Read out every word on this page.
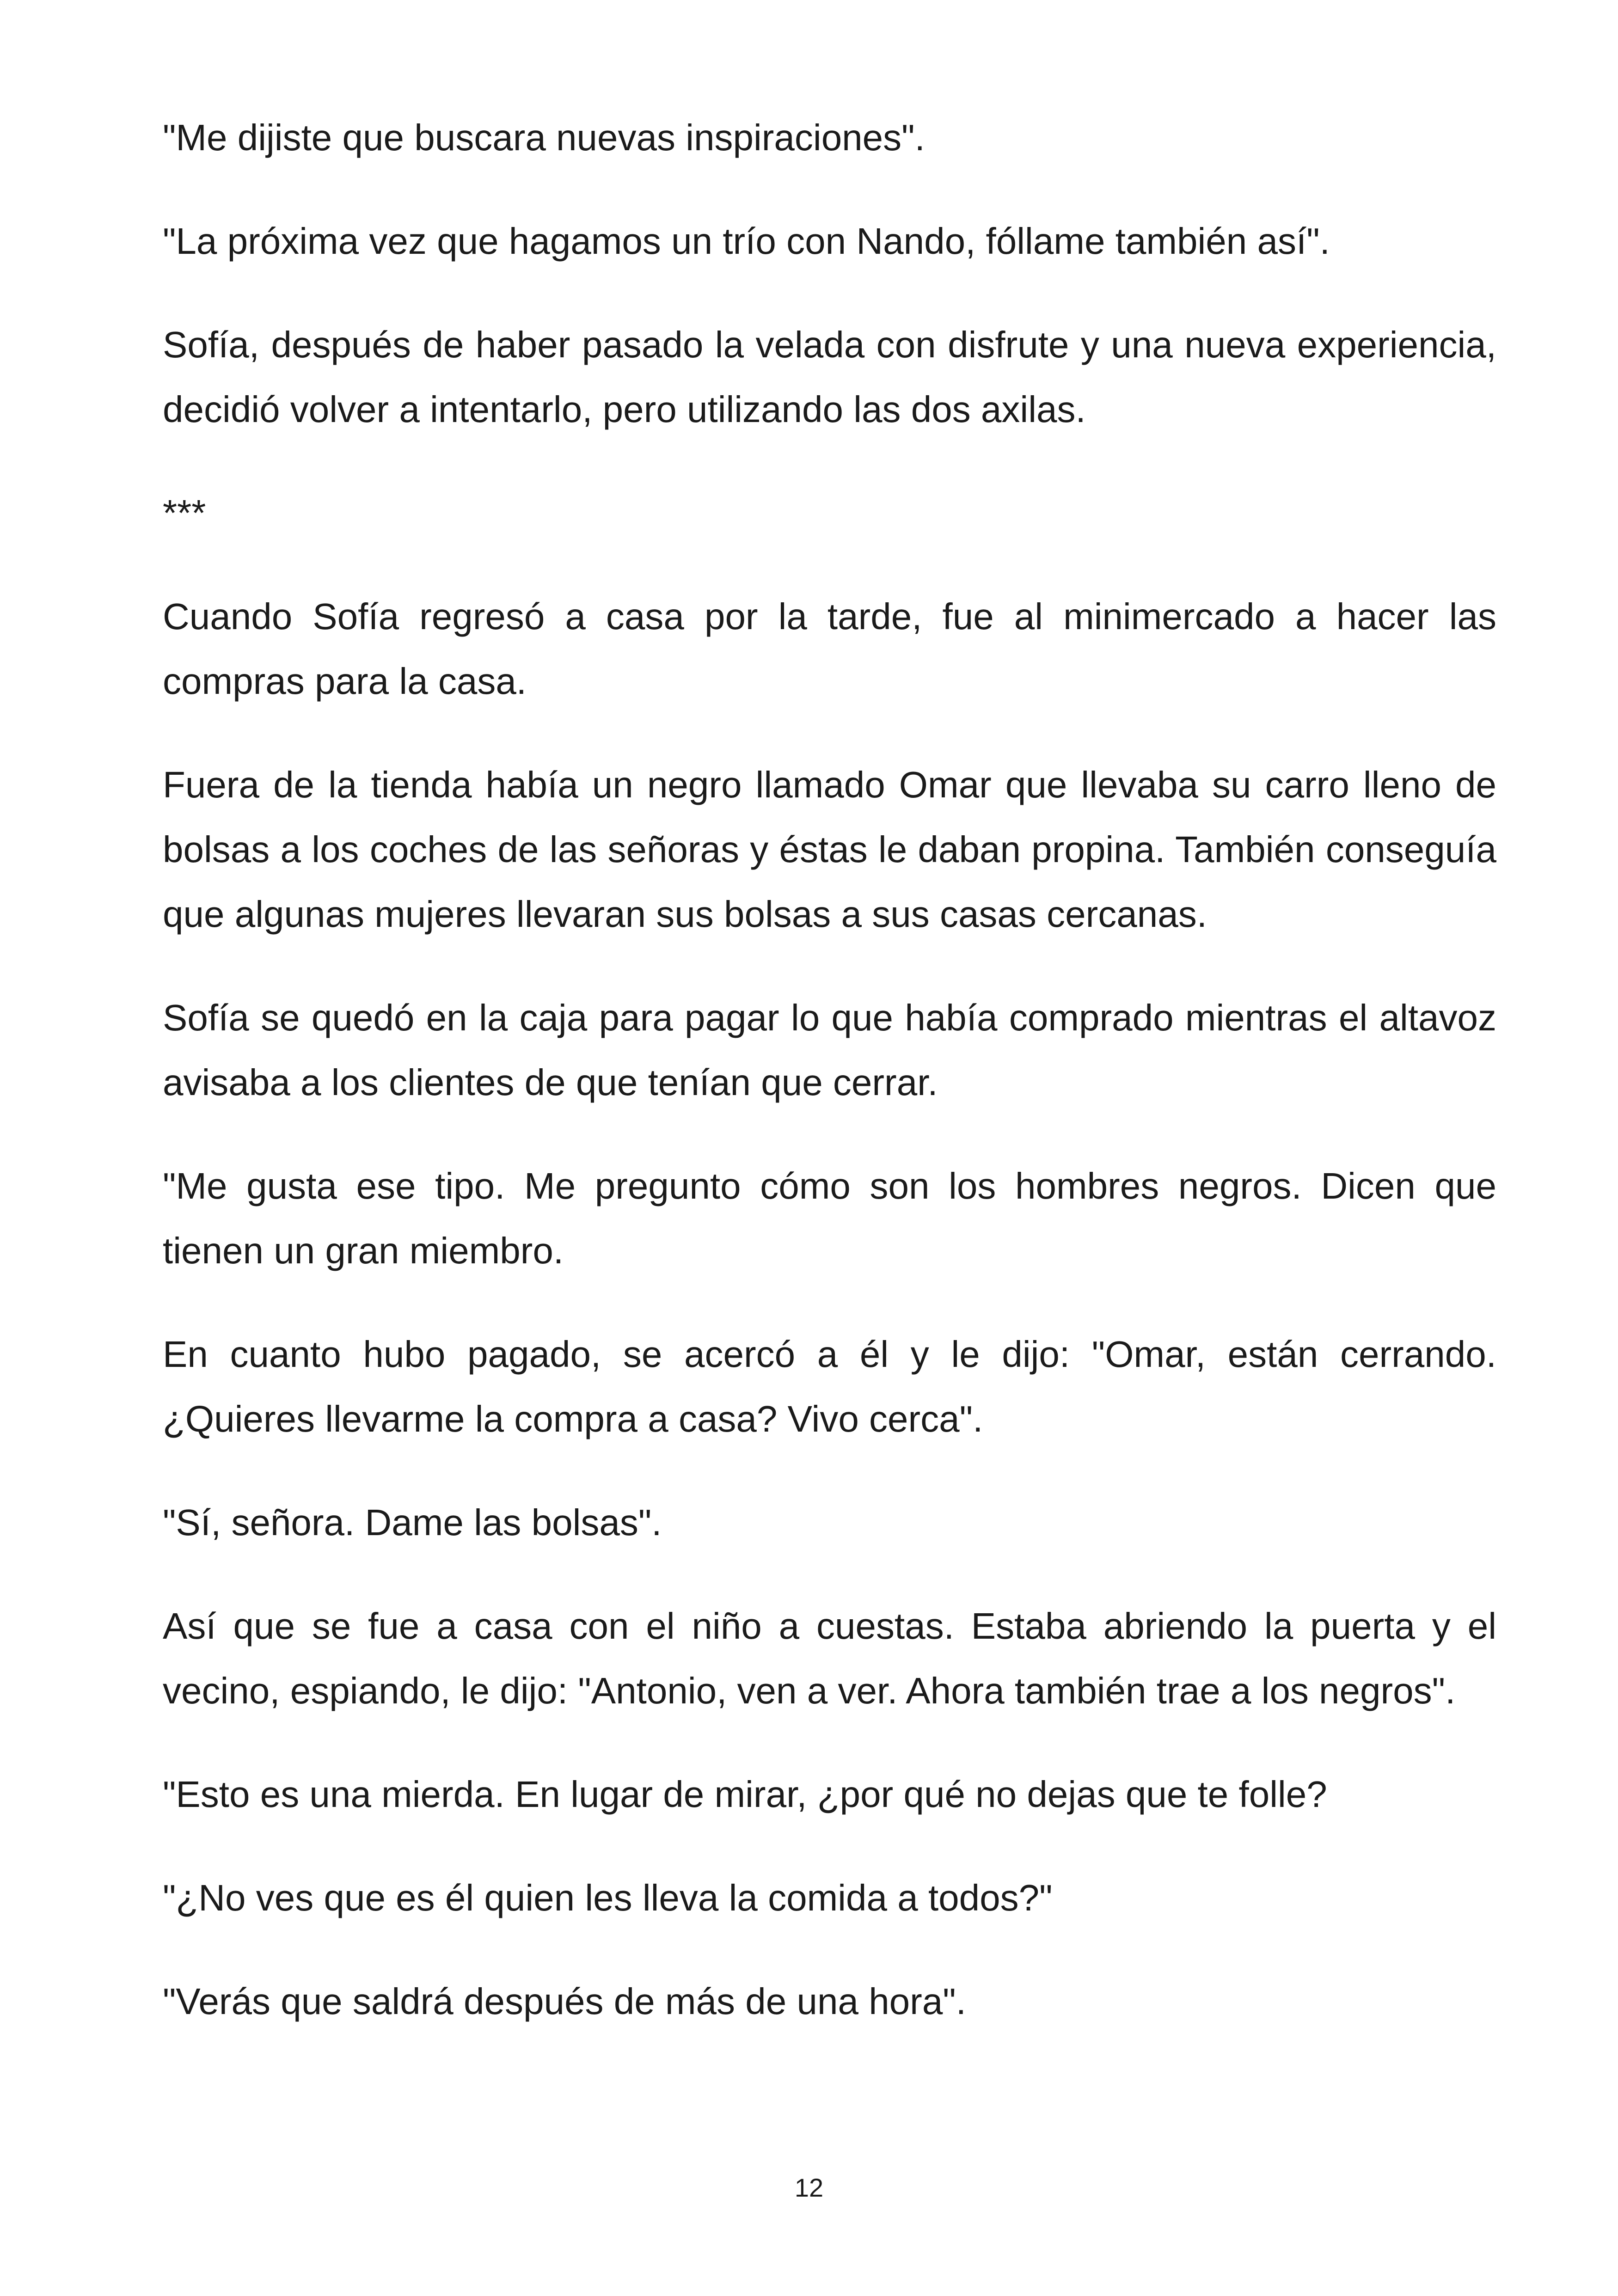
"Me dijiste que buscara nuevas inspiraciones".

"La próxima vez que hagamos un trío con Nando, fóllame también así".

Sofía, después de haber pasado la velada con disfrute y una nueva experiencia, decidió volver a intentarlo, pero utilizando las dos axilas.

***

Cuando Sofía regresó a casa por la tarde, fue al minimercado a hacer las compras para la casa.

Fuera de la tienda había un negro llamado Omar que llevaba su carro lleno de bolsas a los coches de las señoras y éstas le daban propina. También conseguía que algunas mujeres llevaran sus bolsas a sus casas cercanas.

Sofía se quedó en la caja para pagar lo que había comprado mientras el altavoz avisaba a los clientes de que tenían que cerrar.

"Me gusta ese tipo. Me pregunto cómo son los hombres negros. Dicen que tienen un gran miembro.

En cuanto hubo pagado, se acercó a él y le dijo: "Omar, están cerrando. ¿Quieres llevarme la compra a casa? Vivo cerca".

"Sí, señora. Dame las bolsas".

Así que se fue a casa con el niño a cuestas. Estaba abriendo la puerta y el vecino, espiando, le dijo: "Antonio, ven a ver. Ahora también trae a los negros".

"Esto es una mierda. En lugar de mirar, ¿por qué no dejas que te folle?

"¿No ves que es él quien les lleva la comida a todos?"

"Verás que saldrá después de más de una hora".

12
